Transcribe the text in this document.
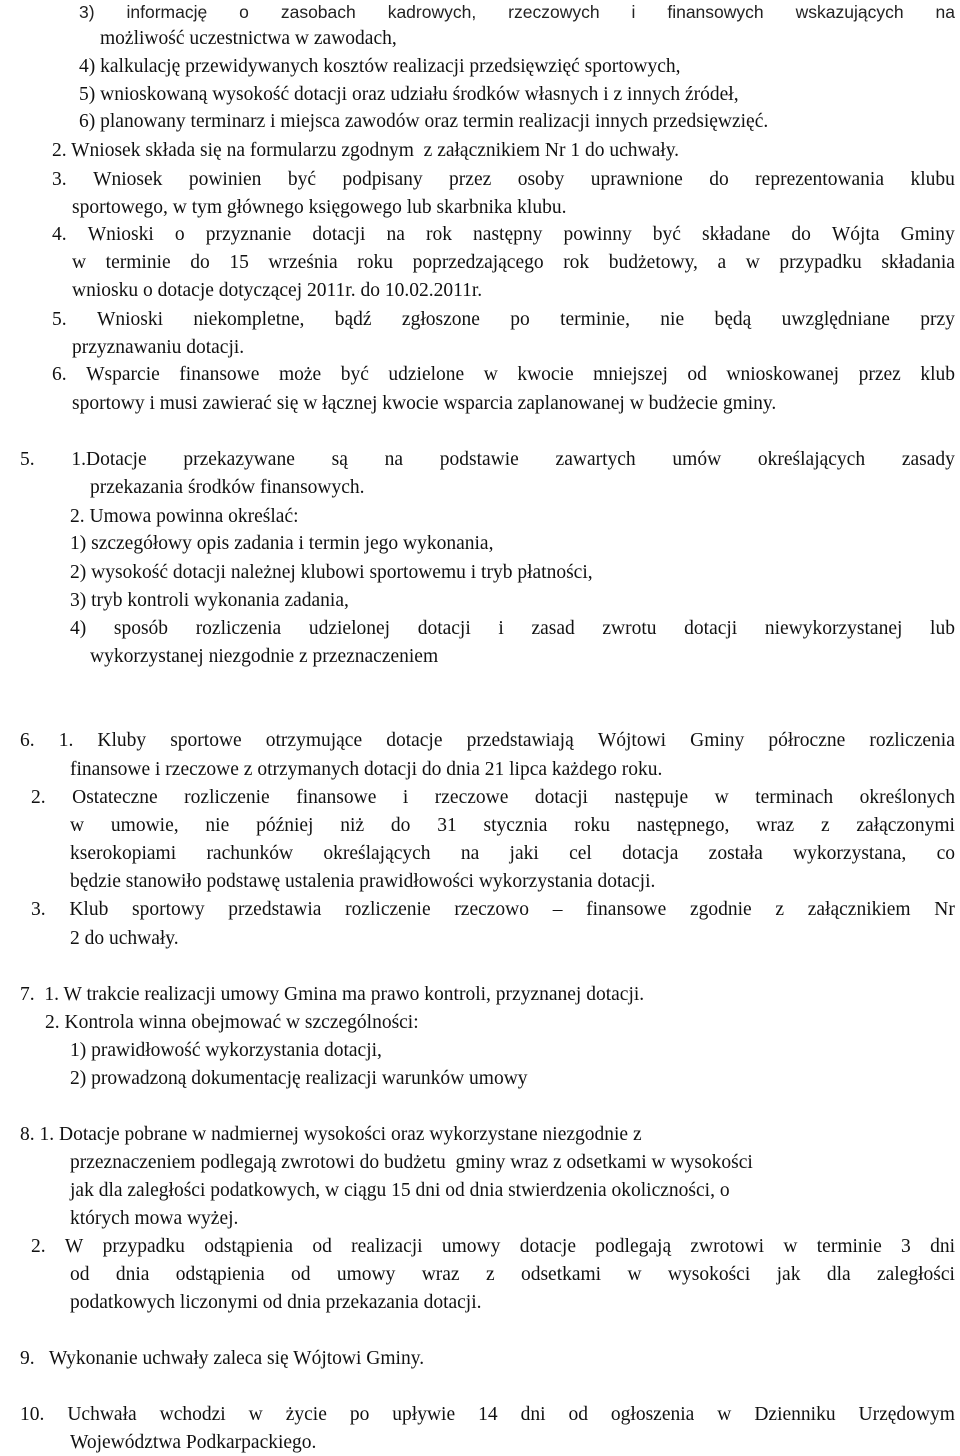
3) informację o zasobach kadrowych, rzeczowych i finansowych wskazujących na
możliwość uczestnictwa w zawodach,
4) kalkulację przewidywanych kosztów realizacji przedsięwzięć sportowych,
5) wnioskowaną wysokość dotacji oraz udziału środków własnych i z innych źródeł,
6) planowany terminarz i miejsca zawodów oraz termin realizacji innych przedsięwzięć.
2. Wniosek składa się na formularzu zgodnym  z załącznikiem Nr 1 do uchwały.
3. Wniosek powinien być podpisany przez osoby uprawnione do reprezentowania klubu
sportowego, w tym głównego księgowego lub skarbnika klubu.
4. Wnioski o przyznanie dotacji na rok następny powinny być składane do Wójta Gminy
w terminie do 15 września roku poprzedzającego rok budżetowy, a w przypadku składania
wniosku o dotacje dotyczącej 2011r. do 10.02.2011r.
5. Wnioski niekompletne, bądź zgłoszone po terminie, nie będą uwzględniane przy
przyznawaniu dotacji.
6. Wsparcie finansowe może być udzielone w kwocie mniejszej od wnioskowanej przez klub
sportowy i musi zawierać się w łącznej kwocie wsparcia zaplanowanej w budżecie gminy.
5. 1.Dotacje przekazywane są na podstawie zawartych umów określających zasady
przekazania środków finansowych.
2. Umowa powinna określać:
1) szczegółowy opis zadania i termin jego wykonania,
2) wysokość dotacji należnej klubowi sportowemu i tryb płatności,
3) tryb kontroli wykonania zadania,
4) sposób rozliczenia udzielonej dotacji i zasad zwrotu dotacji niewykorzystanej lub
wykorzystanej niezgodnie z przeznaczeniem
6. 1. Kluby sportowe otrzymujące dotacje przedstawiają Wójtowi Gminy półroczne rozliczenia
finansowe i rzeczowe z otrzymanych dotacji do dnia 21 lipca każdego roku.
2. Ostateczne rozliczenie finansowe i rzeczowe dotacji następuje w terminach określonych
w umowie, nie później niż do 31 stycznia roku następnego, wraz z załączonymi
kserokopiami rachunków określających na jaki cel dotacja została wykorzystana, co
będzie stanowiło podstawę ustalenia prawidłowości wykorzystania dotacji.
3. Klub sportowy przedstawia rozliczenie rzeczowo – finansowe zgodnie z załącznikiem Nr
2 do uchwały.
7.  1. W trakcie realizacji umowy Gmina ma prawo kontroli, przyznanej dotacji.
2. Kontrola winna obejmować w szczególności:
1) prawidłowość wykorzystania dotacji,
2) prowadzoną dokumentację realizacji warunków umowy
8. 1. Dotacje pobrane w nadmiernej wysokości oraz wykorzystane niezgodnie z
przeznaczeniem podlegają zwrotowi do budżetu  gminy wraz z odsetkami w wysokości
jak dla zaległości podatkowych, w ciągu 15 dni od dnia stwierdzenia okoliczności, o
których mowa wyżej.
2. W przypadku odstąpienia od realizacji umowy dotacje podlegają zwrotowi w terminie 3 dni
od dnia odstąpienia od umowy wraz z odsetkami w wysokości jak dla zaległości
podatkowych liczonymi od dnia przekazania dotacji.
9.   Wykonanie uchwały zaleca się Wójtowi Gminy.
10. Uchwała wchodzi w życie po upływie 14 dni od ogłoszenia w Dzienniku Urzędowym
Województwa Podkarpackiego.
